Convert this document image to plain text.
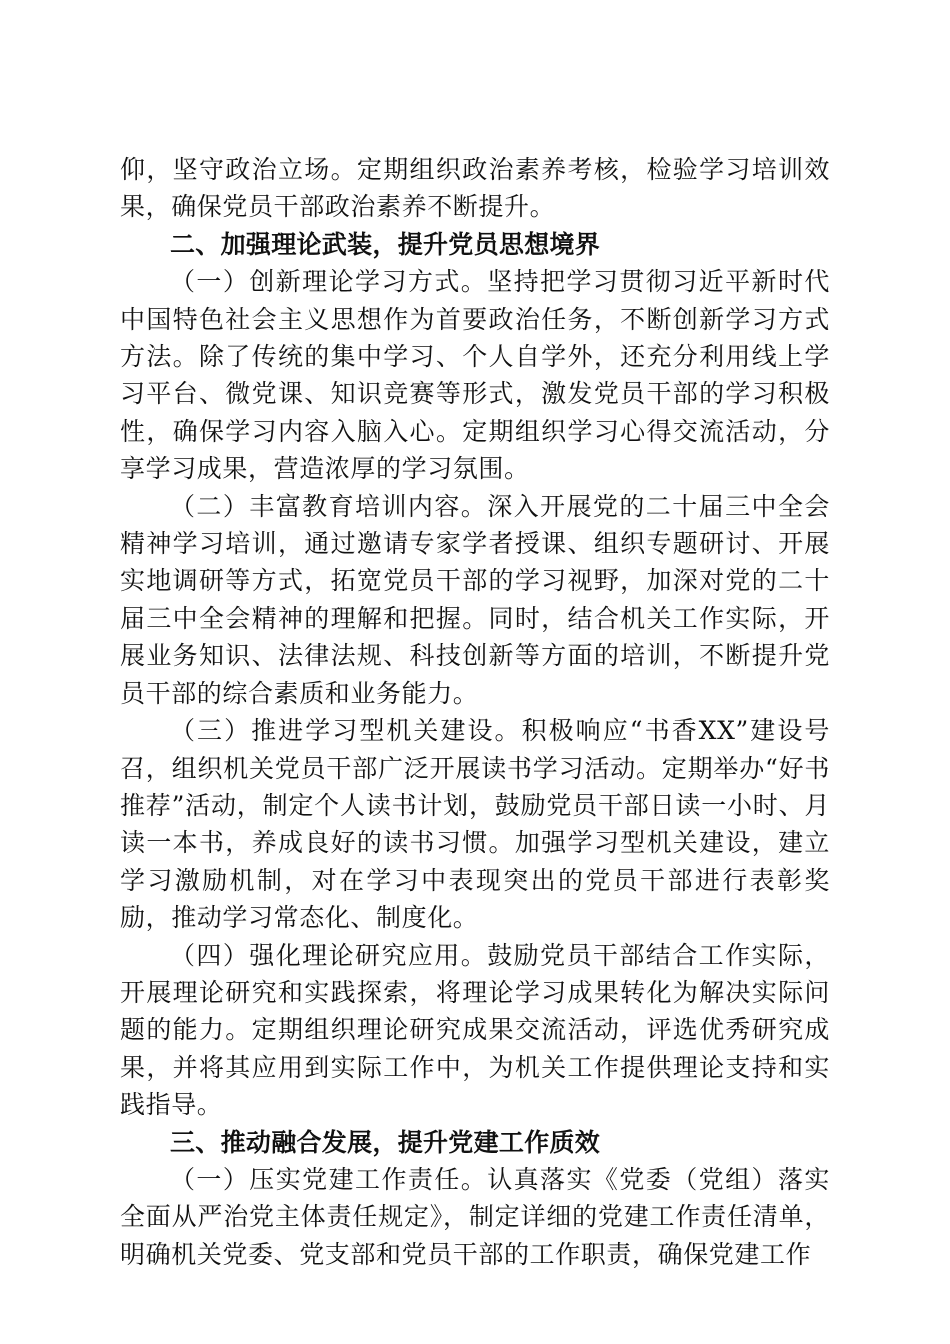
仰，坚守政治立场。定期组织政治素养考核，检验学习培训效果，确保党员干部政治素养不断提升。

二、加强理论武装，提升党员思想境界

（一）创新理论学习方式。坚持把学习贯彻习近平新时代中国特色社会主义思想作为首要政治任务，不断创新学习方式方法。除了传统的集中学习、个人自学外，还充分利用线上学习平台、微党课、知识竞赛等形式，激发党员干部的学习积极性，确保学习内容入脑入心。定期组织学习心得交流活动，分享学习成果，营造浓厚的学习氛围。

（二）丰富教育培训内容。深入开展党的二十届三中全会精神学习培训，通过邀请专家学者授课、组织专题研讨、开展实地调研等方式，拓宽党员干部的学习视野，加深对党的二十届三中全会精神的理解和把握。同时，结合机关工作实际，开展业务知识、法律法规、科技创新等方面的培训，不断提升党员干部的综合素质和业务能力。

（三）推进学习型机关建设。积极响应“书香XX”建设号召，组织机关党员干部广泛开展读书学习活动。定期举办“好书推荐”活动，制定个人读书计划，鼓励党员干部日读一小时、月读一本书，养成良好的读书习惯。加强学习型机关建设，建立学习激励机制，对在学习中表现突出的党员干部进行表彰奖励，推动学习常态化、制度化。

（四）强化理论研究应用。鼓励党员干部结合工作实际，开展理论研究和实践探索，将理论学习成果转化为解决实际问题的能力。定期组织理论研究成果交流活动，评选优秀研究成果，并将其应用到实际工作中，为机关工作提供理论支持和实践指导。

三、推动融合发展，提升党建工作质效

（一）压实党建工作责任。认真落实《党委（党组）落实全面从严治党主体责任规定》，制定详细的党建工作责任清单，明确机关党委、党支部和党员干部的工作职责，确保党建工作
